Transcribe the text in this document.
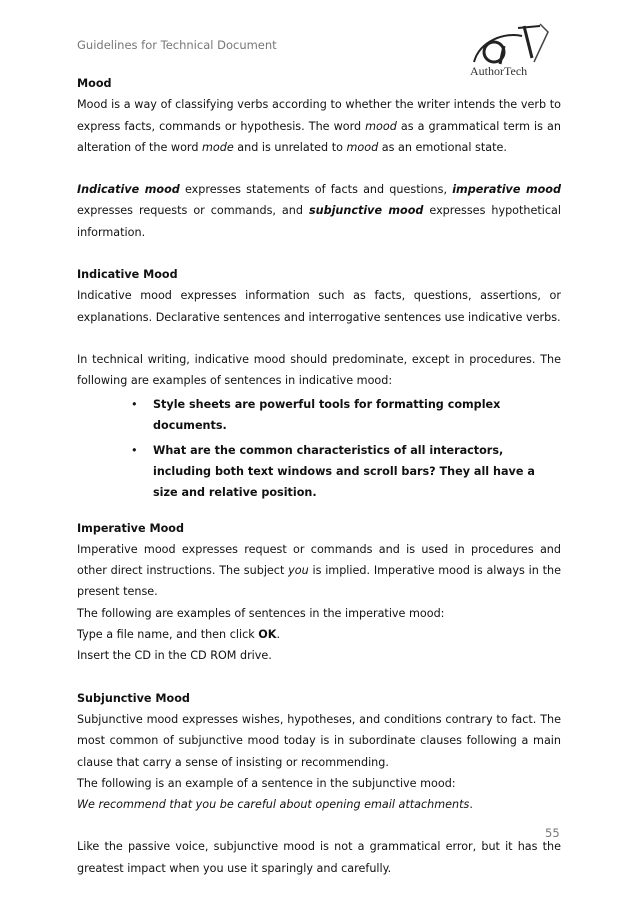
Guidelines for Technical Document
AuthorTech
Mood

Mood is a way of classifying verbs according to whether the writer intends the verb to express facts, commands or hypothesis. The word mood as a grammatical term is an alteration of the word mode and is unrelated to mood as an emotional state.

Indicative mood expresses statements of facts and questions, imperative mood expresses requests or commands, and subjunctive mood expresses hypothetical information.

Indicative Mood

Indicative mood expresses information such as facts, questions, assertions, or explanations. Declarative sentences and interrogative sentences use indicative verbs.

In technical writing, indicative mood should predominate, except in procedures. The following are examples of sentences in indicative mood:

• Style sheets are powerful tools for formatting complex documents.
• What are the common characteristics of all interactors, including both text windows and scroll bars? They all have a size and relative position.
Imperative Mood

Imperative mood expresses request or commands and is used in procedures and other direct instructions. The subject you is implied. Imperative mood is always in the present tense.

The following are examples of sentences in the imperative mood:

Type a file name, and then click OK.

Insert the CD in the CD ROM drive.

Subjunctive Mood

Subjunctive mood expresses wishes, hypotheses, and conditions contrary to fact. The most common of subjunctive mood today is in subordinate clauses following a main clause that carry a sense of insisting or recommending.

The following is an example of a sentence in the subjunctive mood:

We recommend that you be careful about opening email attachments.

Like the passive voice, subjunctive mood is not a grammatical error, but it has the greatest impact when you use it sparingly and carefully.

55
